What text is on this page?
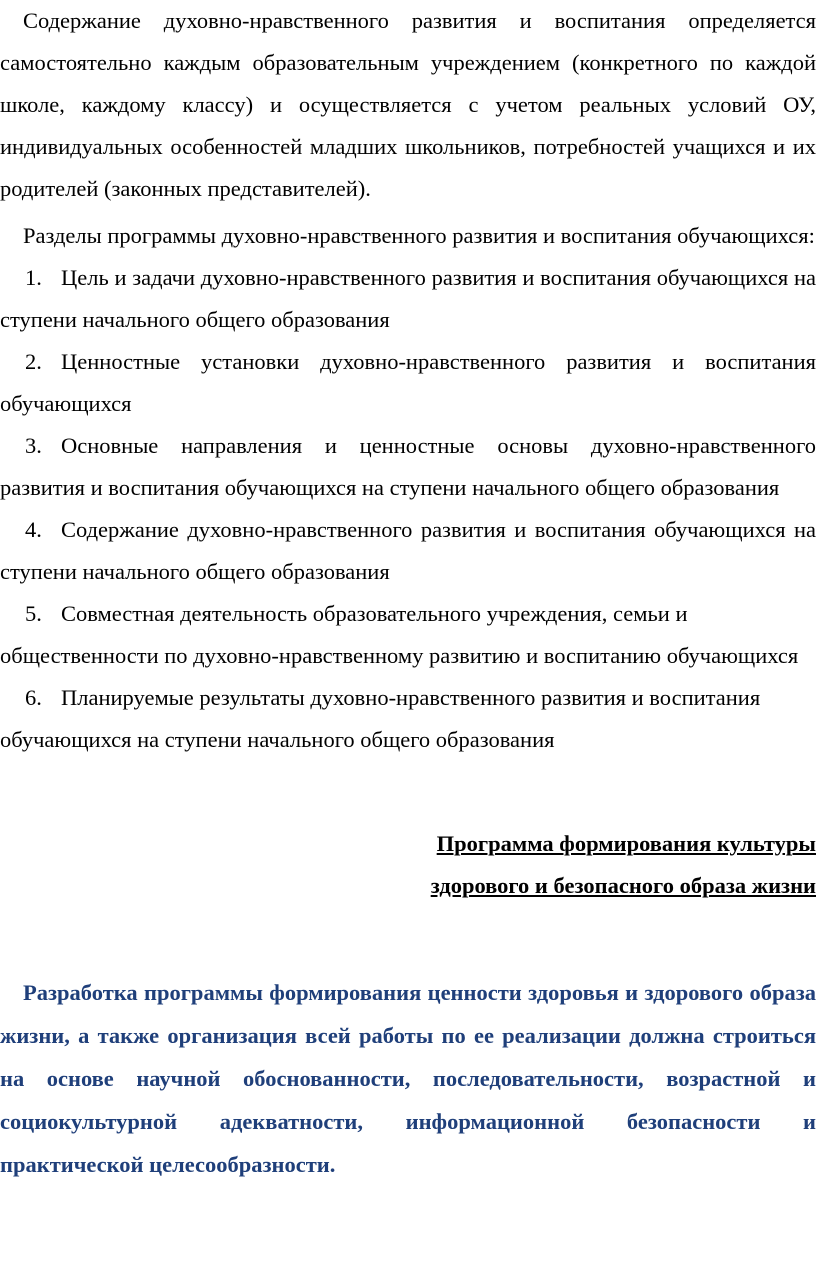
Содержание духовно-нравственного развития и воспитания определяется самостоятельно каждым образовательным учреждением (конкретного по каждой школе, каждому классу) и осуществляется с учетом реальных условий ОУ, индивидуальных особенностей младших школьников, потребностей учащихся и их родителей (законных представителей).

Разделы программы духовно-нравственного развития и воспитания обучающихся:

1. Цель и задачи духовно-нравственного развития и воспитания обучающихся на ступени начального общего образования

2. Ценностные установки духовно-нравственного развития и воспитания обучающихся

3. Основные направления и ценностные основы духовно-нравственного развития и воспитания обучающихся на ступени начального общего образования

4. Содержание духовно-нравственного развития и воспитания обучающихся на ступени начального общего образования

5. Совместная деятельность образовательного учреждения, семьи и общественности по духовно-нравственному развитию и воспитанию обучающихся

6. Планируемые результаты духовно-нравственного развития и воспитания обучающихся на ступени начального общего образования

Программа формирования культуры

здорового и безопасного образа жизни

Разработка программы формирования ценности здоровья и здорового образа жизни, а также организация всей работы по ее реализации должна строиться на основе научной обоснованности, последовательности, возрастной и социокультурной адекватности, информационной безопасности и практической целесообразности.
